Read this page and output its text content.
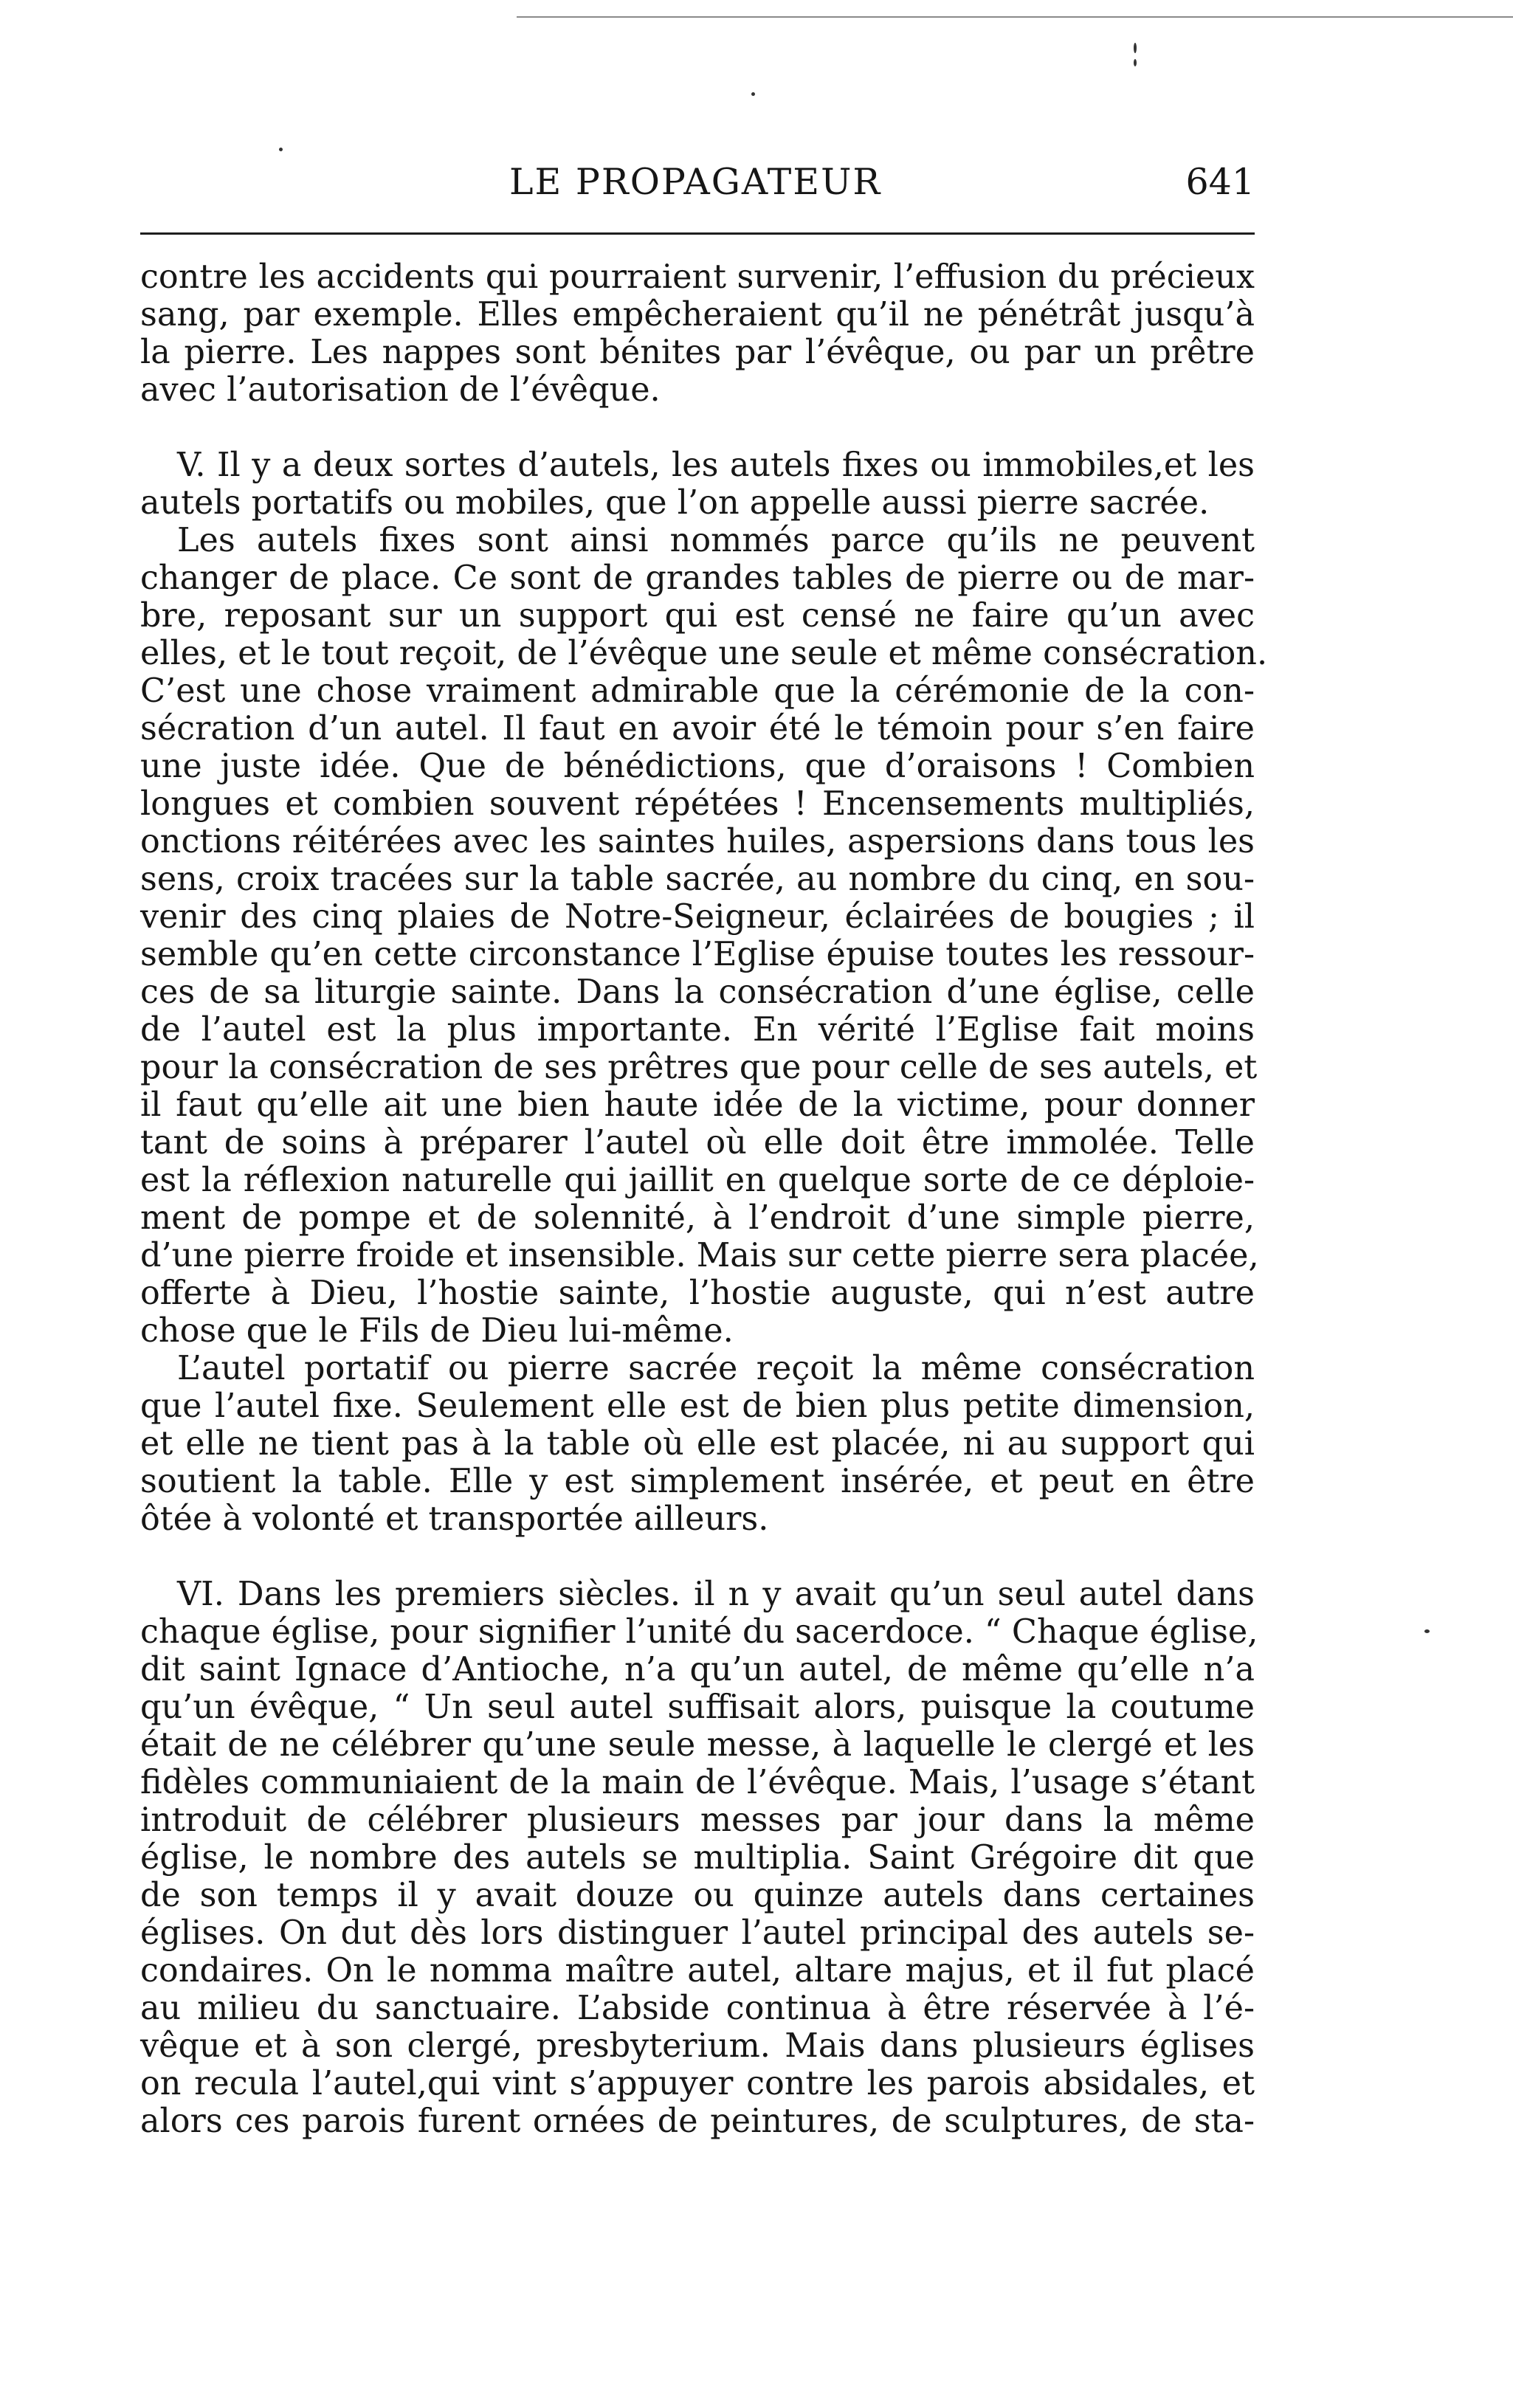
LE PROPAGATEUR	641
contre les accidents qui pourraient survenir, l’effusion du précieux
sang, par exemple. Elles empêcheraient qu’il ne pénétrât jusqu’à
la pierre. Les nappes sont bénites par l’évêque, ou par un prêtre
avec l’autorisation de l’évêque.
V. Il y a deux sortes d’autels, les autels fixes ou immobiles,et les
autels portatifs ou mobiles, que l’on appelle aussi pierre sacrée.
Les autels fixes sont ainsi nommés parce qu’ils ne peuvent
changer de place. Ce sont de grandes tables de pierre ou de mar-
bre, reposant sur un support qui est censé ne faire qu’un avec
elles, et le tout reçoit, de l’évêque une seule et même consécration.
C’est une chose vraiment admirable que la cérémonie de la con-
sécration d’un autel. Il faut en avoir été le témoin pour s’en faire
une juste idée. Que de bénédictions, que d’oraisons ! Combien
longues et combien souvent répétées ! Encensements multipliés,
onctions réitérées avec les saintes huiles, aspersions dans tous les
sens, croix tracées sur la table sacrée, au nombre du cinq, en sou-
venir des cinq plaies de Notre-Seigneur, éclairées de bougies ; il
semble qu’en cette circonstance l’Eglise épuise toutes les ressour-
ces de sa liturgie sainte. Dans la consécration d’une église, celle
de l’autel est la plus importante. En vérité l’Eglise fait moins
pour la consécration de ses prêtres que pour celle de ses autels, et
il faut qu’elle ait une bien haute idée de la victime, pour donner
tant de soins à préparer l’autel où elle doit être immolée. Telle
est la réflexion naturelle qui jaillit en quelque sorte de ce déploie-
ment de pompe et de solennité, à l’endroit d’une simple pierre,
d’une pierre froide et insensible. Mais sur cette pierre sera placée,
offerte à Dieu, l’hostie sainte, l’hostie auguste, qui n’est autre
chose que le Fils de Dieu lui-même.
L’autel portatif ou pierre sacrée reçoit la même consécration
que l’autel fixe. Seulement elle est de bien plus petite dimension,
et elle ne tient pas à la table où elle est placée, ni au support qui
soutient la table. Elle y est simplement insérée, et peut en être
ôtée à volonté et transportée ailleurs.
VI. Dans les premiers siècles. il n y avait qu’un seul autel dans
chaque église, pour signifier l’unité du sacerdoce. “ Chaque église,
dit saint Ignace d’Antioche, n’a qu’un autel, de même qu’elle n’a
qu’un évêque, “ Un seul autel suffisait alors, puisque la coutume
était de ne célébrer qu’une seule messe, à laquelle le clergé et les
fidèles communiaient de la main de l’évêque. Mais, l’usage s’étant
introduit de célébrer plusieurs messes par jour dans la même
église, le nombre des autels se multiplia. Saint Grégoire dit que
de son temps il y avait douze ou quinze autels dans certaines
églises. On dut dès lors distinguer l’autel principal des autels se-
condaires. On le nomma maître autel, altare majus, et il fut placé
au milieu du sanctuaire. L’abside continua à être réservée à l’é-
vêque et à son clergé, presbyterium. Mais dans plusieurs églises
on recula l’autel,qui vint s’appuyer contre les parois absidales, et
alors ces parois furent ornées de peintures, de sculptures, de sta-
